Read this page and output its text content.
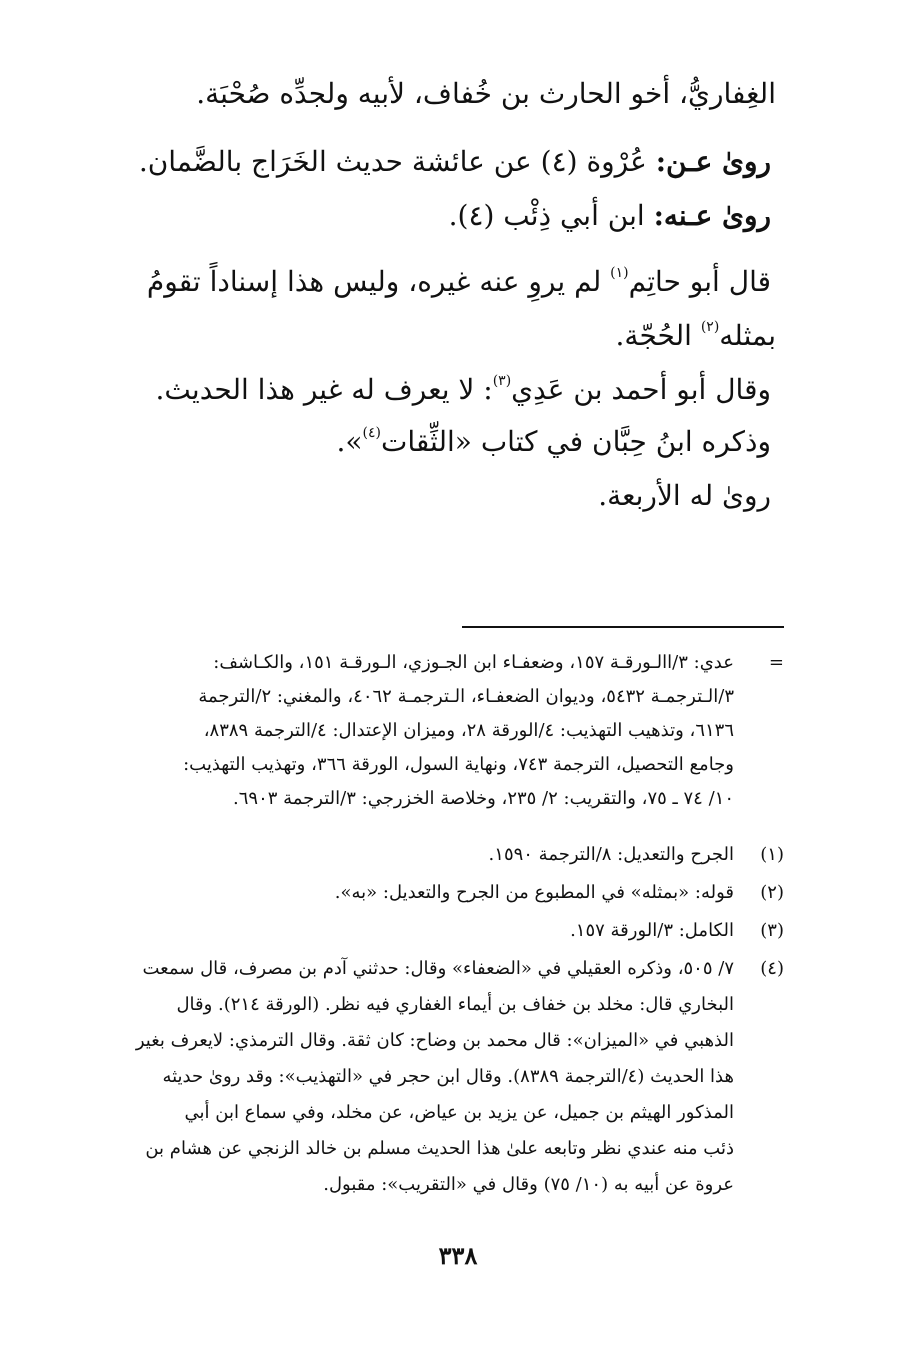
الغِفاريُّ، أخو الحارث بن خُفاف، لأبيه ولجدِّه صُحْبَة.
روىٰ عـن: عُرْوة (٤) عن عائشة حديث الخَرَاج بالضَّمان.
روىٰ عـنه: ابن أبي ذِئْب (٤).
قال أبو حاتِم$^{(١)}$ لم يروِ عنه غيره، وليس هذا إسناداً تقومُ
بمثله$^{(٢)}$ الحُجّة.
وقال أبو أحمد بن عَدِي$^{(٣)}$: لا يعرف له غير هذا الحديث.
وذكره ابنُ حِبَّان في كتاب «الثِّقات$^{(٤)}$».
روىٰ له الأربعة.
=
عدي: ٣/االـورقـة ١٥٧، وضعفـاء ابن الجـوزي، الـورقـة ١٥١، والكـاشف:
٣/الـترجمـة ٥٤٣٢، وديوان الضعفـاء، الـترجمـة ٤٠٦٢، والمغني: ٢/الترجمة
٦١٣٦، وتذهيب التهذيب: ٤/الورقة ٢٨، وميزان الإعتدال: ٤/الترجمة ٨٣٨٩،
وجامع التحصيل، الترجمة ٧٤٣، ونهاية السول، الورقة ٣٦٦، وتهذيب التهذيب:
١٠/ ٧٤ ـ ٧٥، والتقريب: ٢/ ٢٣٥، وخلاصة الخزرجي: ٣/الترجمة ٦٩٠٣.
(١)
الجرح والتعديل: ٨/الترجمة ١٥٩٠.
(٢)
قوله: «بمثله» في المطبوع من الجرح والتعديل: «به».
(٣)
الكامل: ٣/الورقة ١٥٧.
(٤)
٧/ ٥٠٥، وذكره العقيلي في «الضعفاء» وقال: حدثني آدم بن مصرف، قال سمعت
البخاري قال: مخلد بن خفاف بن أيماء الغفاري فيه نظر. (الورقة ٢١٤). وقال
الذهبي في «الميزان»: قال محمد بن وضاح: كان ثقة. وقال الترمذي: لايعرف بغير
هذا الحديث (٤/الترجمة ٨٣٨٩). وقال ابن حجر في «التهذيب»: وقد روىٰ حديثه
المذكور الهيثم بن جميل، عن يزيد بن عياض، عن مخلد، وفي سماع ابن أبي
ذئب منه عندي نظر وتابعه علىٰ هذا الحديث مسلم بن خالد الزنجي عن هشام بن
عروة عن أبيه به (١٠/ ٧٥) وقال في «التقريب»: مقبول.
٣٣٨
